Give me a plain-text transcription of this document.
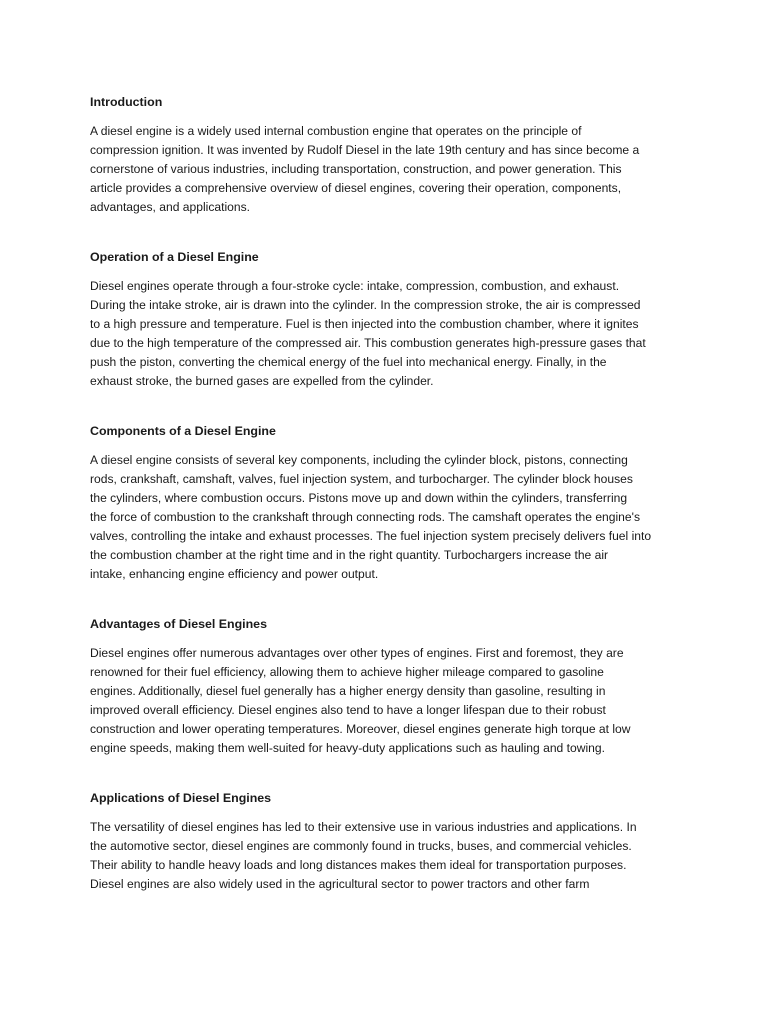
Introduction

A diesel engine is a widely used internal combustion engine that operates on the principle of
compression ignition. It was invented by Rudolf Diesel in the late 19th century and has since become a
cornerstone of various industries, including transportation, construction, and power generation. This
article provides a comprehensive overview of diesel engines, covering their operation, components,
advantages, and applications.

Operation of a Diesel Engine

Diesel engines operate through a four-stroke cycle: intake, compression, combustion, and exhaust.
During the intake stroke, air is drawn into the cylinder. In the compression stroke, the air is compressed
to a high pressure and temperature. Fuel is then injected into the combustion chamber, where it ignites
due to the high temperature of the compressed air. This combustion generates high-pressure gases that
push the piston, converting the chemical energy of the fuel into mechanical energy. Finally, in the
exhaust stroke, the burned gases are expelled from the cylinder.

Components of a Diesel Engine

A diesel engine consists of several key components, including the cylinder block, pistons, connecting
rods, crankshaft, camshaft, valves, fuel injection system, and turbocharger. The cylinder block houses
the cylinders, where combustion occurs. Pistons move up and down within the cylinders, transferring
the force of combustion to the crankshaft through connecting rods. The camshaft operates the engine's
valves, controlling the intake and exhaust processes. The fuel injection system precisely delivers fuel into
the combustion chamber at the right time and in the right quantity. Turbochargers increase the air
intake, enhancing engine efficiency and power output.

Advantages of Diesel Engines

Diesel engines offer numerous advantages over other types of engines. First and foremost, they are
renowned for their fuel efficiency, allowing them to achieve higher mileage compared to gasoline
engines. Additionally, diesel fuel generally has a higher energy density than gasoline, resulting in
improved overall efficiency. Diesel engines also tend to have a longer lifespan due to their robust
construction and lower operating temperatures. Moreover, diesel engines generate high torque at low
engine speeds, making them well-suited for heavy-duty applications such as hauling and towing.

Applications of Diesel Engines

The versatility of diesel engines has led to their extensive use in various industries and applications. In
the automotive sector, diesel engines are commonly found in trucks, buses, and commercial vehicles.
Their ability to handle heavy loads and long distances makes them ideal for transportation purposes.
Diesel engines are also widely used in the agricultural sector to power tractors and other farm
